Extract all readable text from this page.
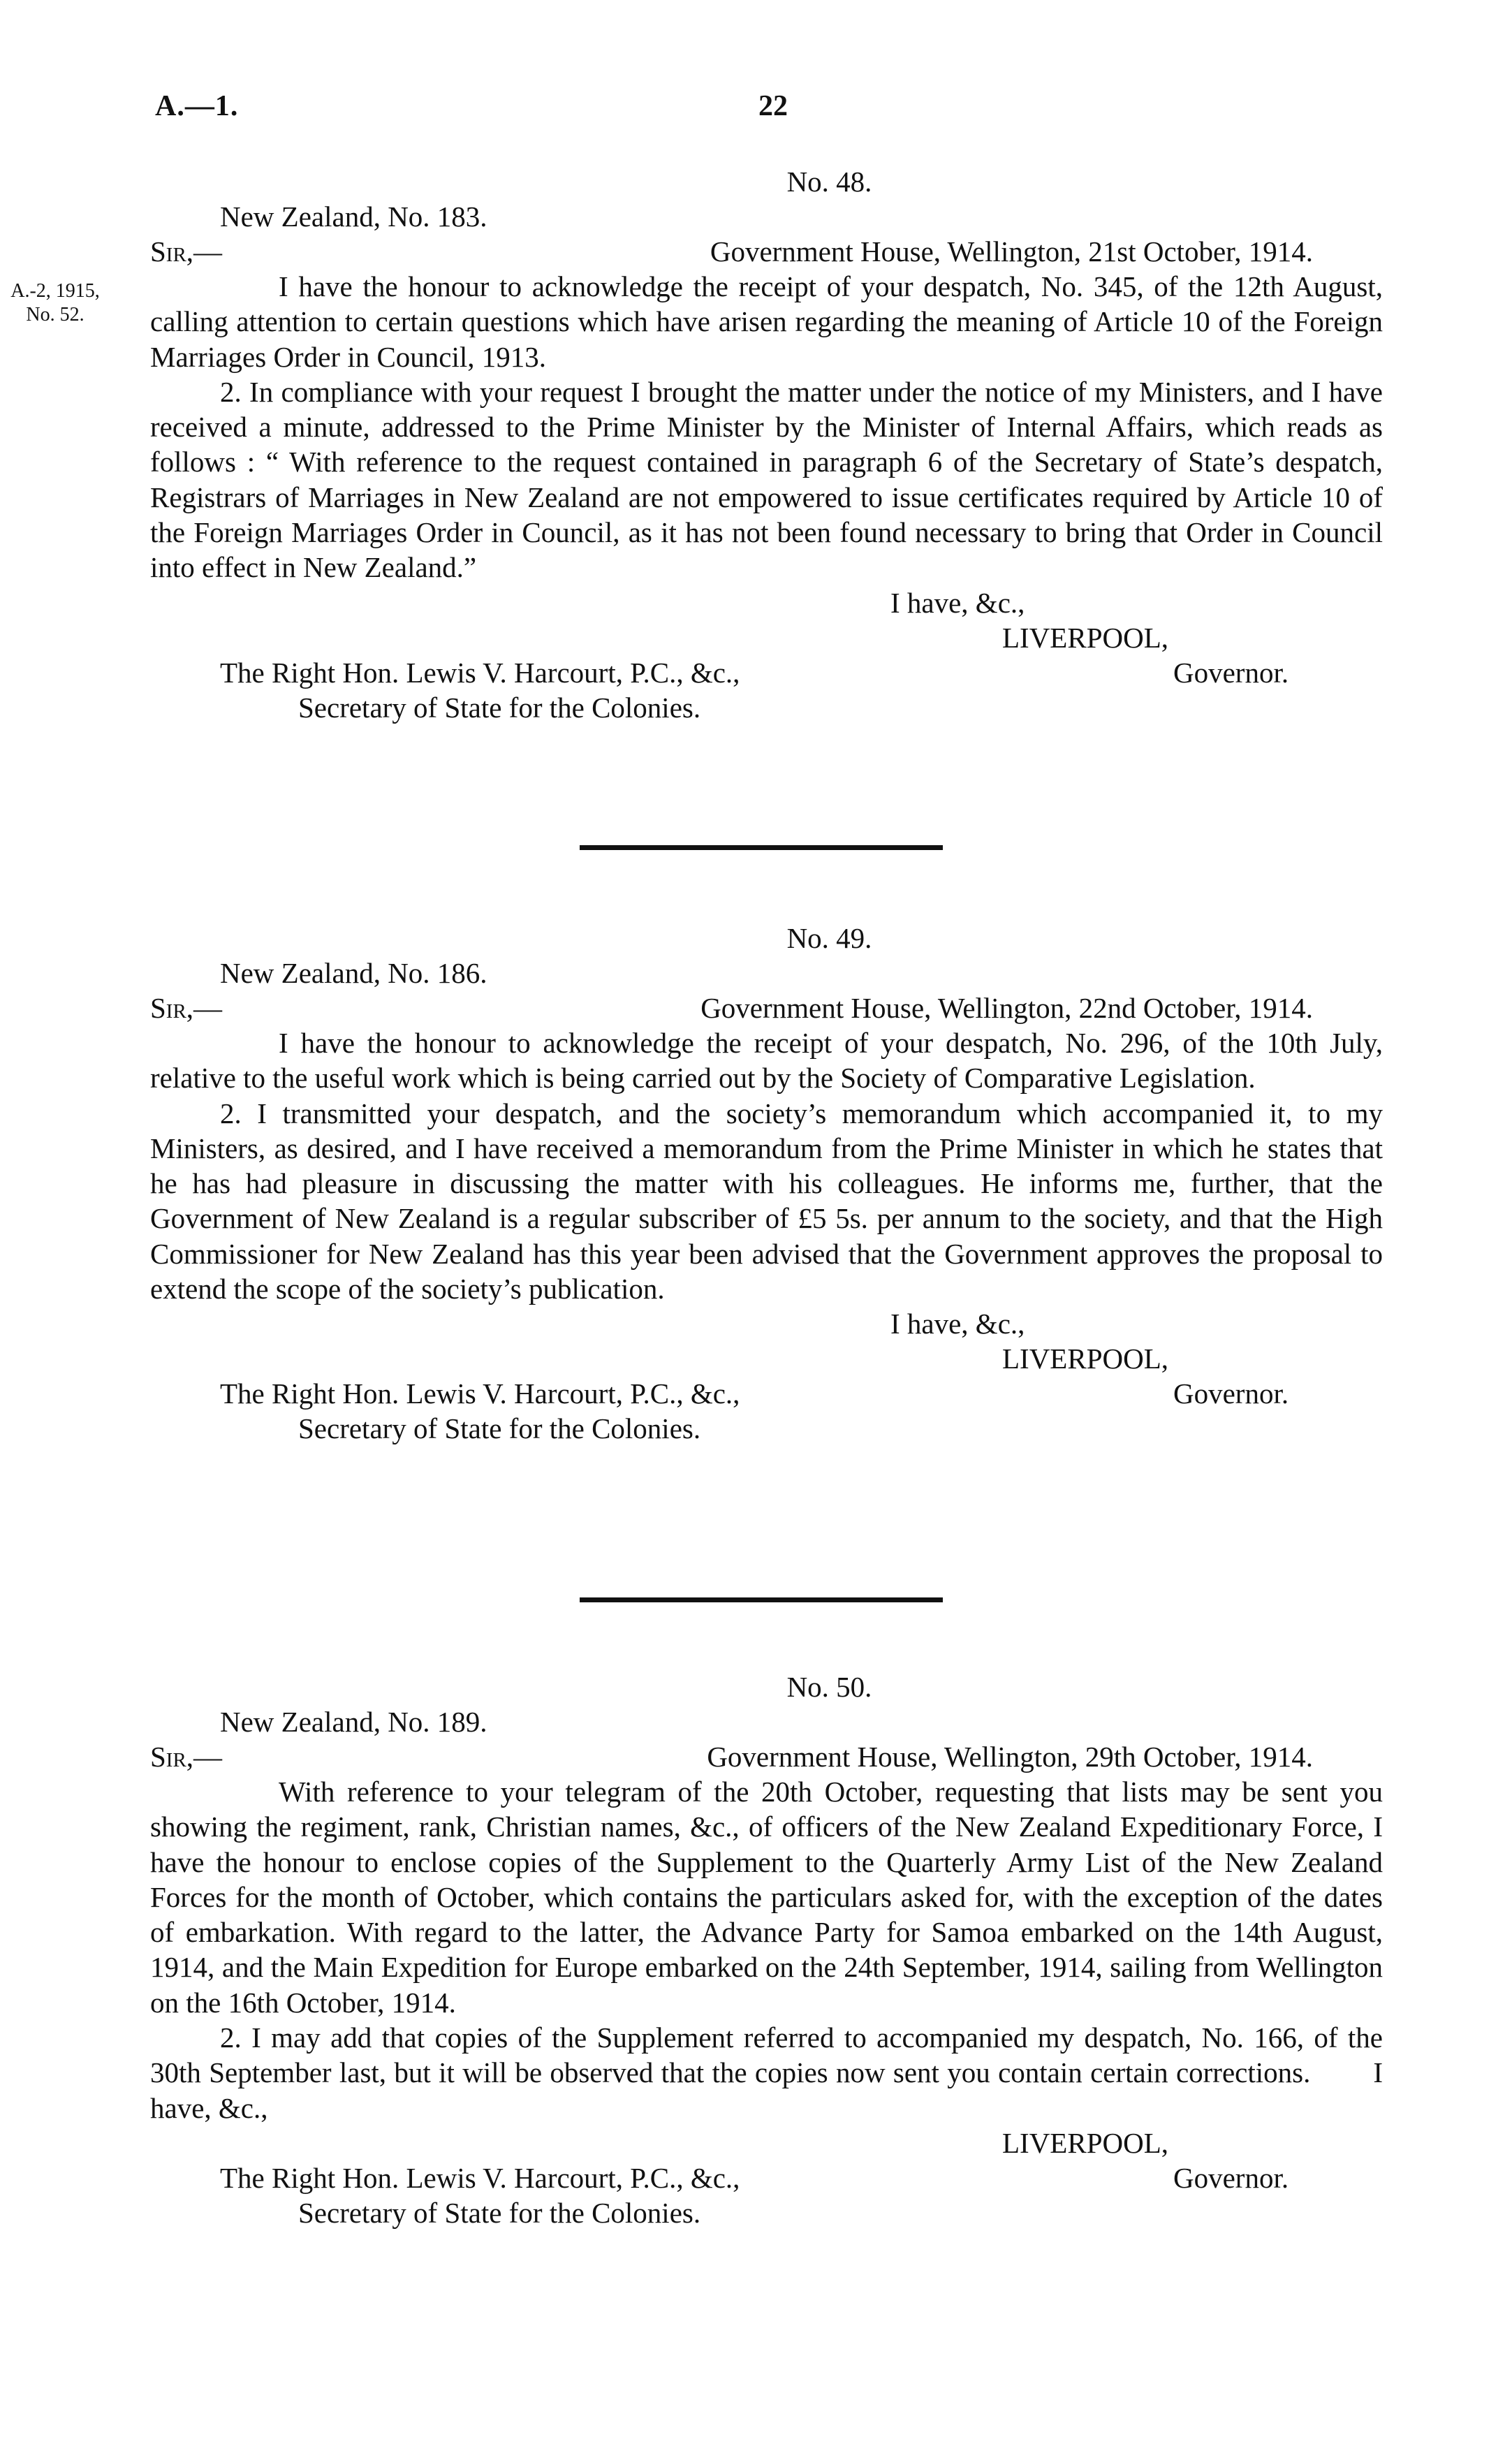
A.—1.	22
A.-2, 1915,
No. 52.
No. 48.
New Zealand, No. 183.
Sir,—	Government House, Wellington, 21st October, 1914.

I have the honour to acknowledge the receipt of your despatch, No. 345, of the 12th August, calling attention to certain questions which have arisen regarding the meaning of Article 10 of the Foreign Marriages Order in Council, 1913.

2. In compliance with your request I brought the matter under the notice of my Ministers, and I have received a minute, addressed to the Prime Minister by the Minister of Internal Affairs, which reads as follows : “ With reference to the request contained in paragraph 6 of the Secretary of State’s despatch, Registrars of Marriages in New Zealand are not empowered to issue certificates required by Article 10 of the Foreign Marriages Order in Council, as it has not been found necessary to bring that Order in Council into effect in New Zealand.”

I have, &c.,
LIVERPOOL,
The Right Hon. Lewis V. Harcourt, P.C., &c.,	Governor.
Secretary of State for the Colonies.
No. 49.
New Zealand, No. 186.
Sir,—	Government House, Wellington, 22nd October, 1914.

I have the honour to acknowledge the receipt of your despatch, No. 296, of the 10th July, relative to the useful work which is being carried out by the Society of Comparative Legislation.

2. I transmitted your despatch, and the society’s memorandum which accompanied it, to my Ministers, as desired, and I have received a memorandum from the Prime Minister in which he states that he has had pleasure in discussing the matter with his colleagues. He informs me, further, that the Government of New Zealand is a regular subscriber of £5 5s. per annum to the society, and that the High Commissioner for New Zealand has this year been advised that the Government approves the proposal to extend the scope of the society’s publication.

I have, &c.,
LIVERPOOL,
The Right Hon. Lewis V. Harcourt, P.C., &c.,	Governor.
Secretary of State for the Colonies.
No. 50.
New Zealand, No. 189.
Sir,—	Government House, Wellington, 29th October, 1914.

With reference to your telegram of the 20th October, requesting that lists may be sent you showing the regiment, rank, Christian names, &c., of officers of the New Zealand Expeditionary Force, I have the honour to enclose copies of the Supplement to the Quarterly Army List of the New Zealand Forces for the month of October, which contains the particulars asked for, with the exception of the dates of embarkation. With regard to the latter, the Advance Party for Samoa embarked on the 14th August, 1914, and the Main Expedition for Europe embarked on the 24th September, 1914, sailing from Wellington on the 16th October, 1914.

2. I may add that copies of the Supplement referred to accompanied my despatch, No. 166, of the 30th September last, but it will be observed that the copies now sent you contain certain corrections. I have, &c.,

LIVERPOOL,
The Right Hon. Lewis V. Harcourt, P.C., &c.,	Governor.
Secretary of State for the Colonies.
